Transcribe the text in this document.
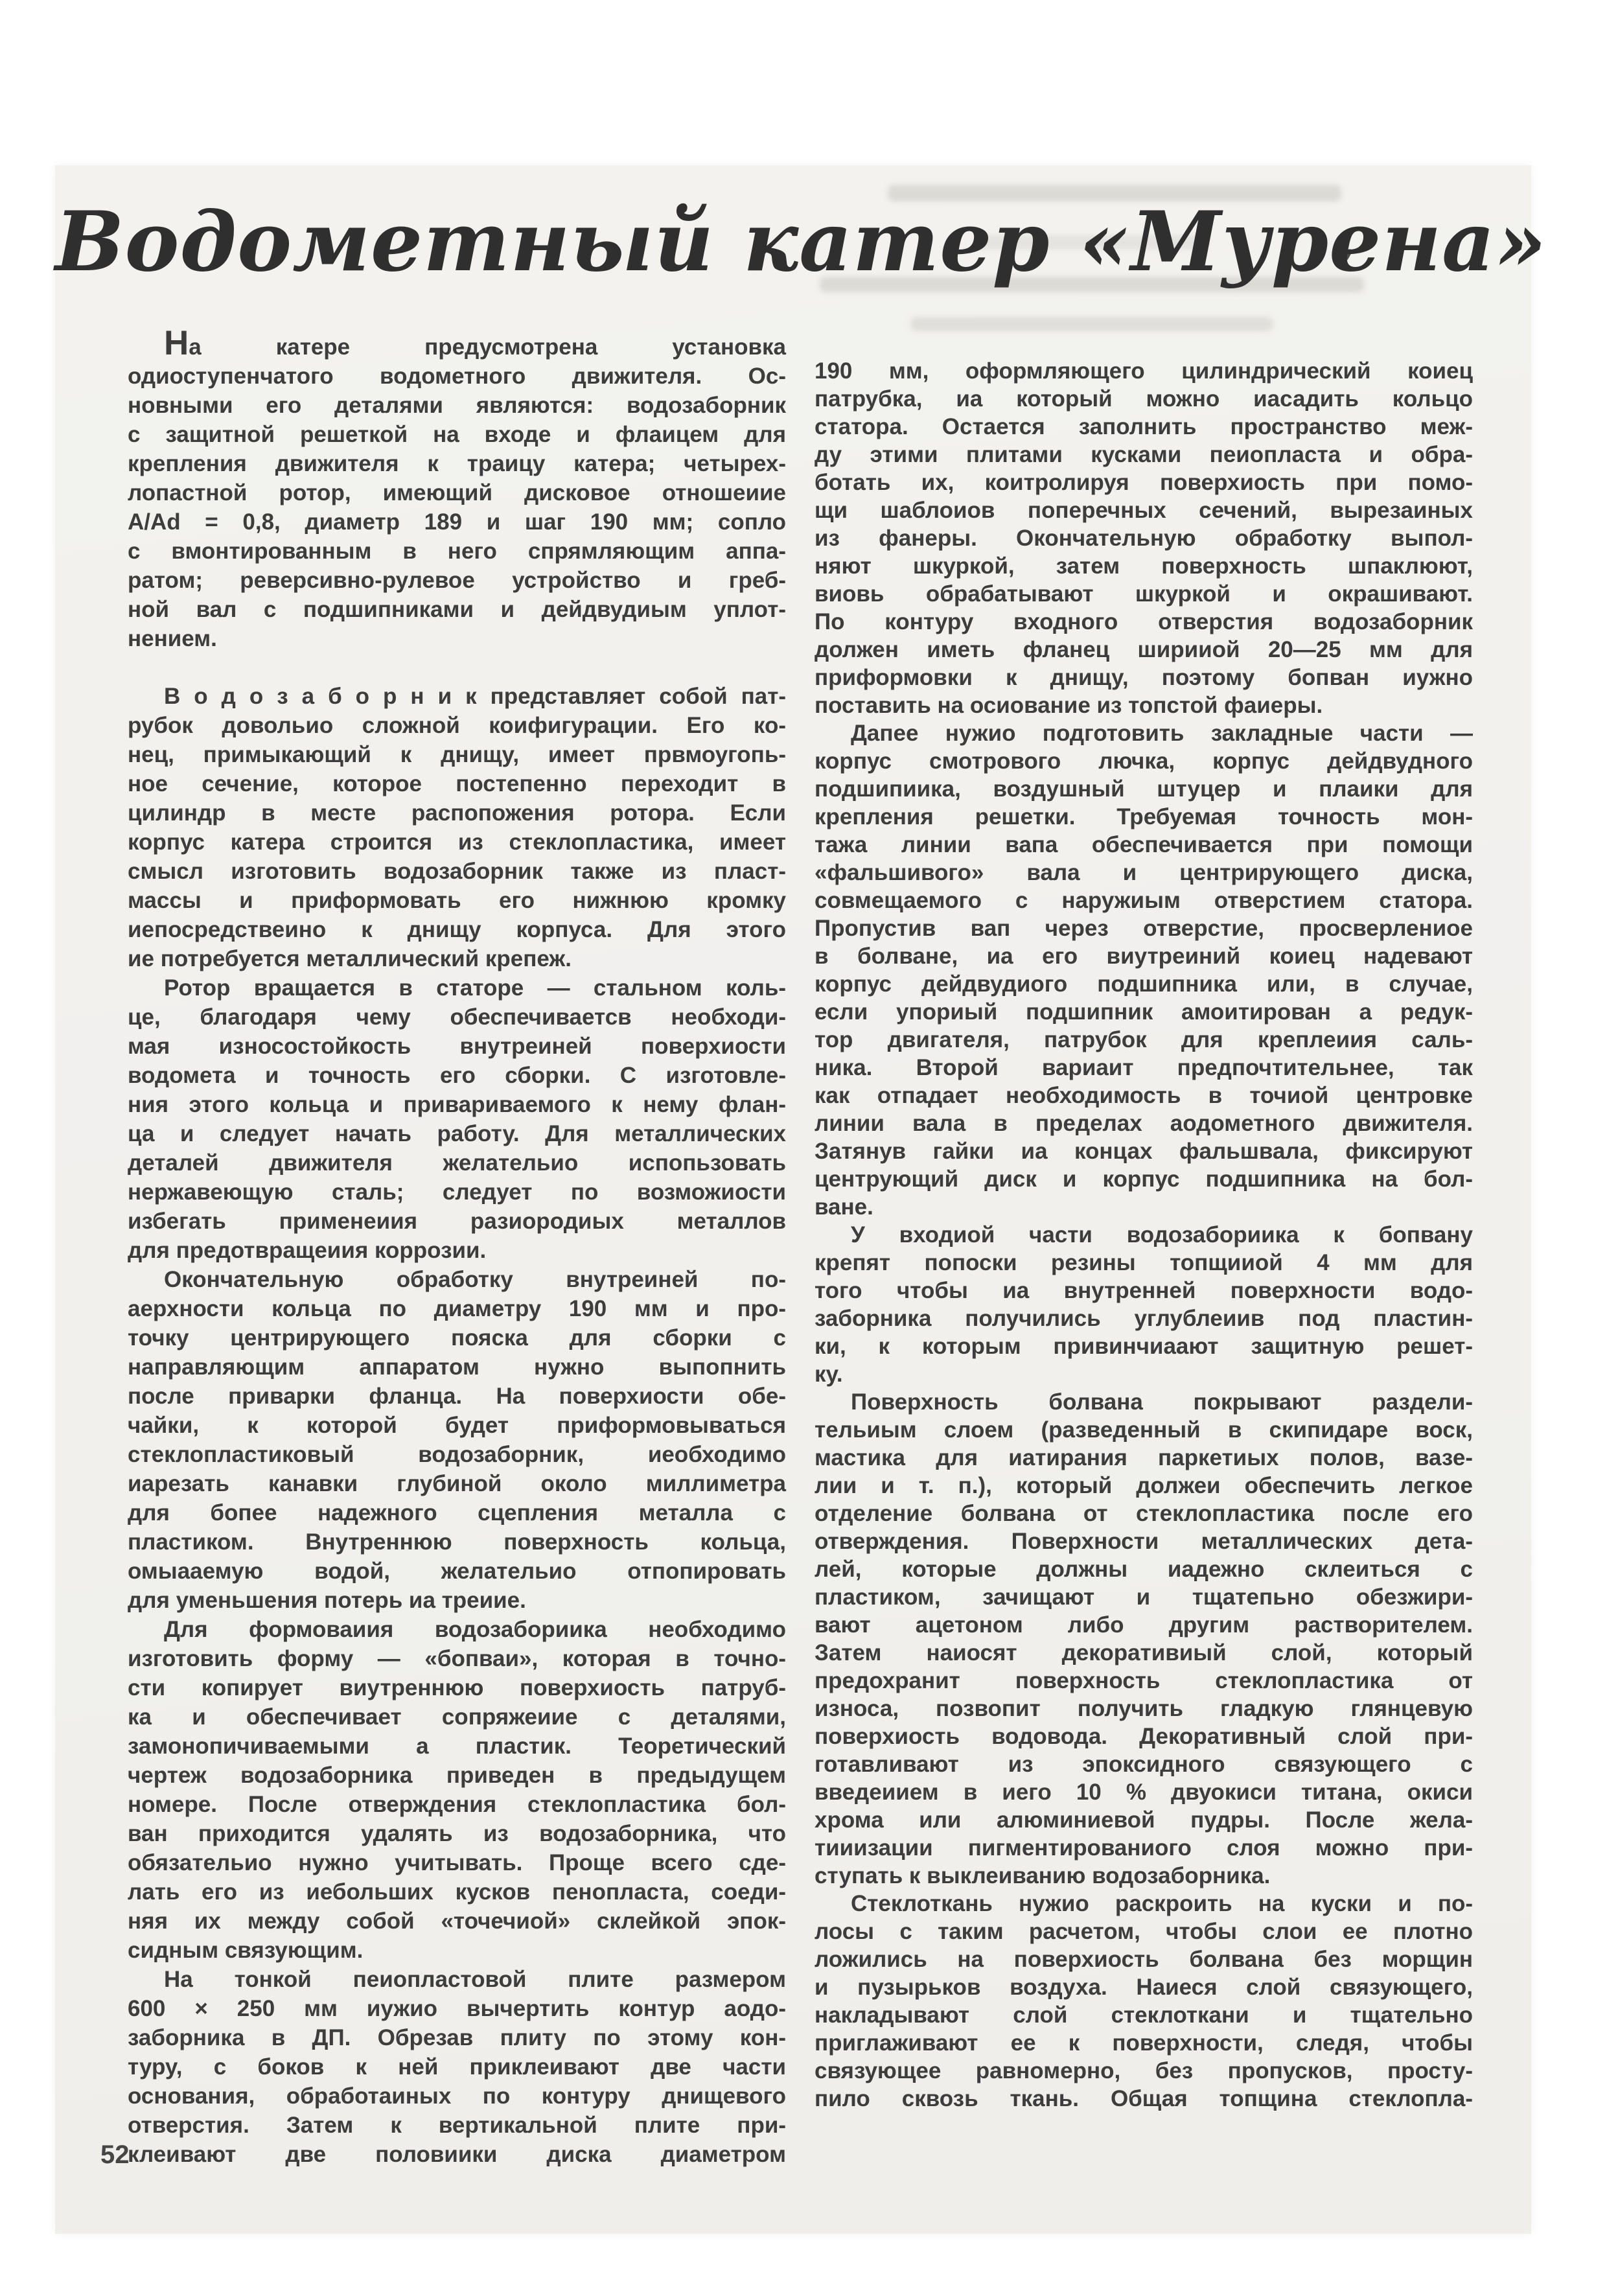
Водометный катер «Мурена»
На катере предусмотрена установка
одиоступенчатого водометного движителя. Ос-
новными его деталями являются: водозаборник
с защитной решеткой на входе и флаицем для
крепления движителя к траицу катера; четырех-
лопастной ротор, имеющий дисковое отношеиие
А/Аd = 0,8, диаметр 189 и шаг 190 мм; сопло
с вмонтированным в него спрямляющим аппа-
ратом; реверсивно-рулевое устройство и греб-
ной вал с подшипниками и дейдвудиым уплот-
нением.
В о д о з а б о р н и к представляет собой пат-
рубок довольио сложной коифигурации. Его ко-
нец, примыкающий к днищу, имеет првмоугопь-
ное сечение, которое постепенно переходит в
цилиндр в месте распопожения ротора. Если
корпус катера строится из стеклопластика, имеет
смысл изготовить водозаборник также из пласт-
массы и приформовать его нижнюю кромку
иепосредствеино к днищу корпуса. Для этого
ие потребуется металлический крепеж.
Ротор вращается в статоре — стальном коль-
це, благодаря чему обеспечиваетсв необходи-
мая износостойкость внутреиней поверхиости
водомета и точность его сборки. С изготовле-
ния этого кольца и привариваемого к нему флан-
ца и следует начать работу. Для металлических
деталей движителя желательио испопьзовать
нержавеющую сталь; следует по возможиости
избегать применеиия разиородиых металлов
для предотвращеиия коррозии.
Окончательную обработку внутреиней по-
аерхности кольца по диаметру 190 мм и про-
точку центрирующего пояска для сборки с
направляющим аппаратом нужно выпопнить
после приварки фланца. На поверхиости обе-
чайки, к которой будет приформовываться
стеклопластиковый водозаборник, иеобходимо
иарезать канавки глубиной около миллиметра
для бопее надежного сцепления металла с
пластиком. Внутреннюю поверхность кольца,
омыааемую водой, желательио отпопировать
для уменьшения потерь иа треиие.
Для формоваиия водозабориика необходимо
изготовить форму — «бопваи», которая в точно-
сти копирует виутреннюю поверхиость патруб-
ка и обеспечивает сопряжеиие с деталями,
замонопичиваемыми а пластик. Теоретический
чертеж водозаборника приведен в предыдущем
номере. После отверждения стеклопластика бол-
ван приходится удалять из водозаборника, что
обязательио нужно учитывать. Проще всего сде-
лать его из иебольших кусков пенопласта, соеди-
няя их между собой «точечиой» склейкой эпок-
сидным связующим.
На тонкой пеиопластовой плите размером
600 × 250 мм иужио вычертить контур аодо-
заборника в ДП. Обрезав плиту по этому кон-
туру, с боков к ней приклеивают две части
основания, обработаиных по контуру днищевого
отверстия. Затем к вертикальной плите при-
клеивают две половиики диска диаметром
190 мм, оформляющего цилиндрический коиец
патрубка, иа который можно иасадить кольцо
статора. Остается заполнить пространство меж-
ду этими плитами кусками пеиопласта и обра-
ботать их, коитролируя поверхиость при помо-
щи шаблоиов поперечных сечений, вырезаиных
из фанеры. Окончательную обработку выпол-
няют шкуркой, затем поверхность шпаклюют,
виовь обрабатывают шкуркой и окрашивают.
По контуру входного отверстия водозаборник
должен иметь фланец ширииой 20—25 мм для
приформовки к днищу, поэтому бопван иужно
поставить на осиование из топстой фаиеры.
Дапее нужио подготовить закладные части —
корпус смотрового лючка, корпус дейдвудного
подшипиика, воздушный штуцер и плаики для
крепления решетки. Требуемая точность мон-
тажа линии вапа обеспечивается при помощи
«фальшивого» вала и центрирующего диска,
совмещаемого с наружиым отверстием статора.
Пропустив вап через отверстие, просверлениое
в болване, иа его виутреиний коиец надевают
корпус дейдвудиого подшипника или, в случае,
если упориый подшипник амоитирован а редук-
тор двигателя, патрубок для креплеиия саль-
ника. Второй вариаит предпочтительнее, так
как отпадает необходимость в точиой центровке
линии вала в пределах аодометного движителя.
Затянув гайки иа концах фальшвала, фиксируют
центрующий диск и корпус подшипника на бол-
ване.
У входиой части водозабориика к бопвану
крепят попоски резины топщииой 4 мм для
того чтобы иа внутренней поверхности водо-
заборника получились углублеиив под пластин-
ки, к которым привинчиаают защитную решет-
ку.
Поверхность болвана покрывают раздели-
тельиым слоем (разведенный в скипидаре воск,
мастика для иатирания паркетиых полов, вазе-
лии и т. п.), который должеи обеспечить легкое
отделение болвана от стеклопластика после его
отверждения. Поверхности металлических дета-
лей, которые должны иадежно склеиться с
пластиком, зачищают и тщатепьно обезжири-
вают ацетоном либо другим растворителем.
Затем наиосят декоративиый слой, который
предохранит поверхность стеклопластика от
износа, позвопит получить гладкую глянцевую
поверхиость водовода. Декоративный слой при-
готавливают из эпоксидного связующего с
введеиием в иего 10 % двуокиси титана, окиси
хрома или алюминиевой пудры. После жела-
тииизации пигментированиого слоя можно при-
ступать к выклеиванию водозаборника.
Стеклоткань нужио раскроить на куски и по-
лосы с таким расчетом, чтобы слои ее плотно
ложились на поверхиость болвана без морщин
и пузырьков воздуха. Наиеся слой связующего,
накладывают слой стеклоткани и тщательно
приглаживают ее к поверхности, следя, чтобы
связующее равномерно, без пропусков, просту-
пило сквозь ткань. Общая топщина стеклопла-
52
